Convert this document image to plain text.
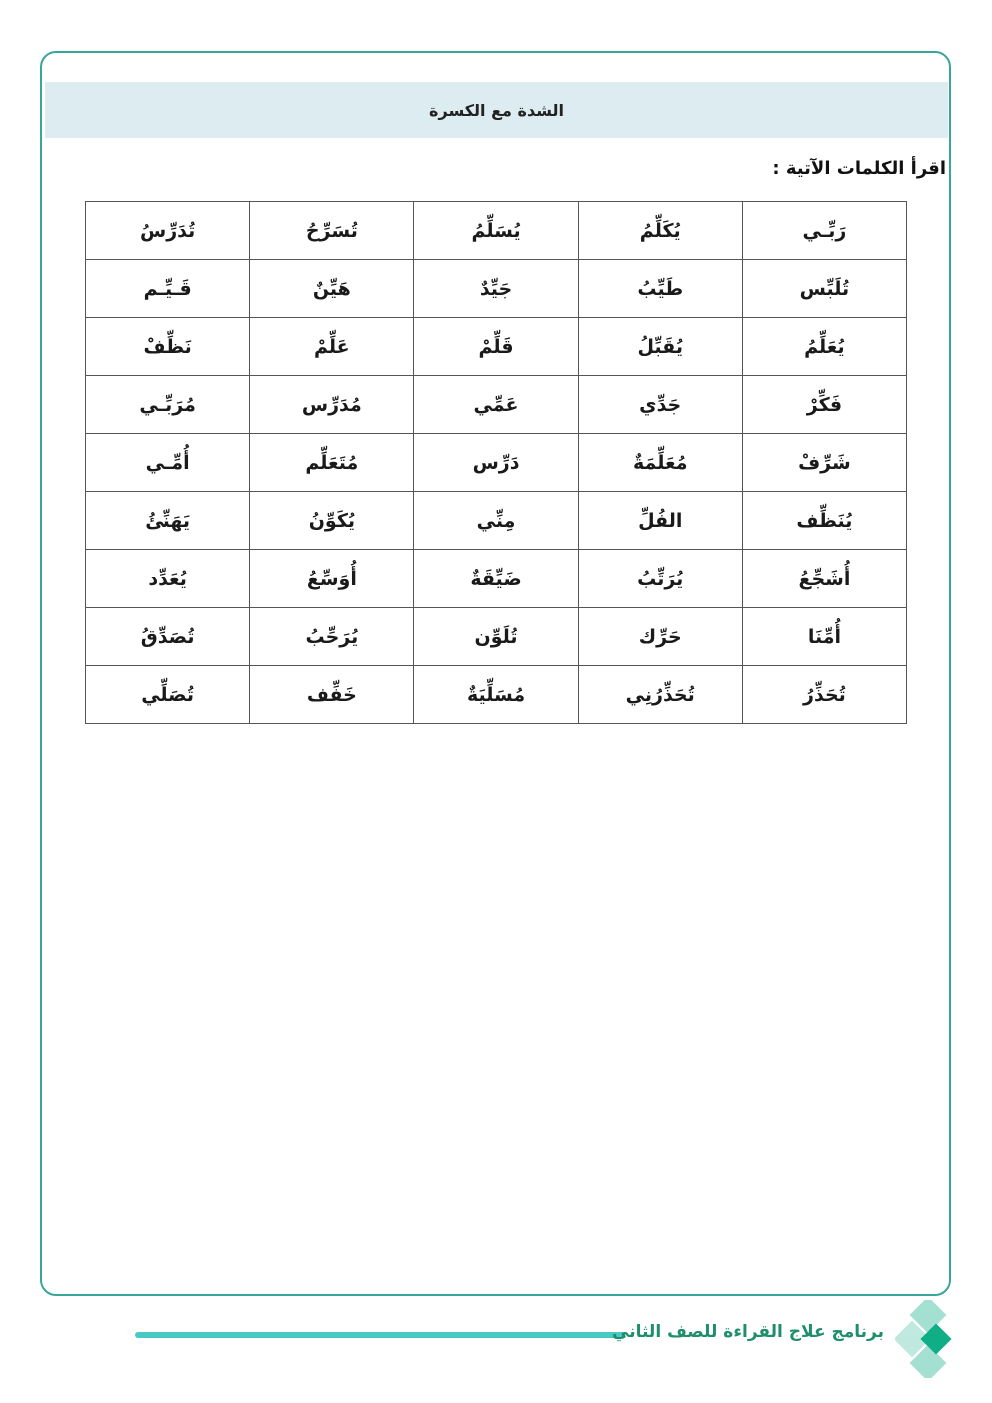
الشدة مع الكسرة
اقرأ الكلمات الآتية :
رَبِّـي	يُكَلِّمُ	يُسَلِّمُ	تُسَرِّحُ	تُدَرِّسُ
تُلَبِّس	طَيِّبُ	جَيِّدٌ	هَيِّنٌ	قَـيِّـم
يُعَلِّمُ	يُقَبِّلُ	قَلِّمْ	عَلِّمْ	نَظِّفْ
فَكِّرْ	جَدِّي	عَمِّي	مُدَرِّس	مُرَبِّـي
شَرِّفْ	مُعَلِّمَةٌ	دَرِّس	مُتَعَلِّم	أُمِّـي
يُنَظِّف	الفُلِّ	مِنِّي	يُكَوِّنُ	يَهَنِّئُ
أُشَجِّعُ	يُرَتِّبُ	ضَيِّقَةٌ	أُوَسِّعُ	يُعَدِّد
أُمِّنَا	حَرِّك	تُلَوِّن	يُرَحِّبُ	تُصَدِّقُ
تُحَذِّرُ	تُحَذِّرُنِي	مُسَلِّيَةٌ	خَفِّف	تُصَلِّي
برنامج علاج القراءة للصف الثاني
